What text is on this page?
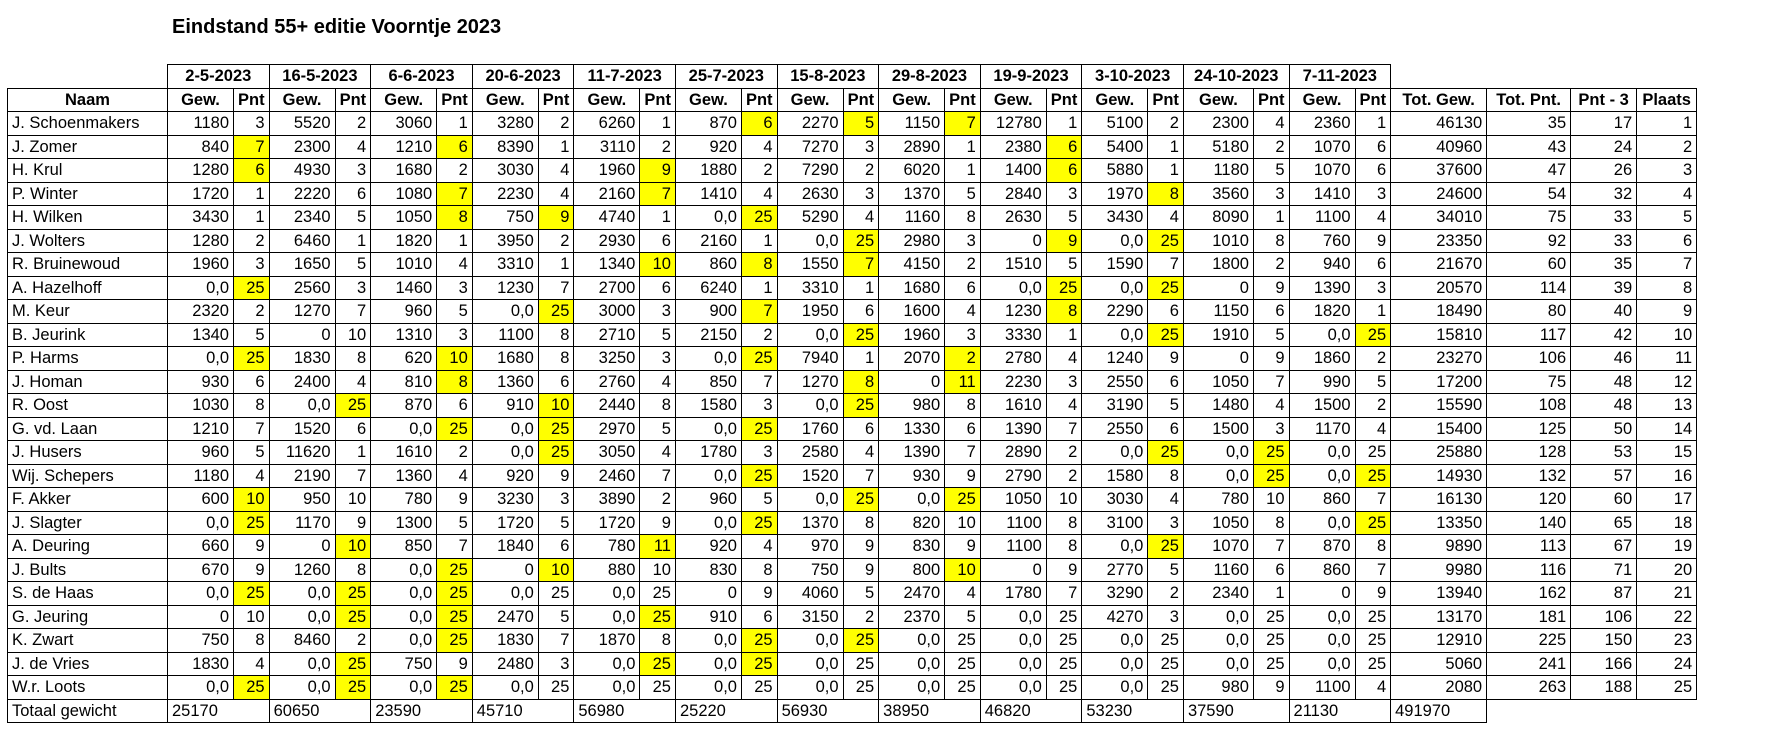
Eindstand 55+ editie Voorntje 2023
	2-5-2023		16-5-2023		6-6-2023		20-6-2023		11-7-2023		25-7-2023		15-8-2023		29-8-2023		19-9-2023		3-10-2023		24-10-2023		7-11-2023					
Naam	Gew.	Pnt	Gew.	Pnt	Gew.	Pnt	Gew.	Pnt	Gew.	Pnt	Gew.	Pnt	Gew.	Pnt	Gew.	Pnt	Gew.	Pnt	Gew.	Pnt	Gew.	Pnt	Gew.	Pnt	Tot. Gew.	Tot. Pnt.	Pnt - 3	Plaats
J. Schoenmakers	1180	3	5520	2	3060	1	3280	2	6260	1	870	6	2270	5	1150	7	12780	1	5100	2	2300	4	2360	1	46130	35	17	1
J. Zomer	840	7	2300	4	1210	6	8390	1	3110	2	920	4	7270	3	2890	1	2380	6	5400	1	5180	2	1070	6	40960	43	24	2
H. Krul	1280	6	4930	3	1680	2	3030	4	1960	9	1880	2	7290	2	6020	1	1400	6	5880	1	1180	5	1070	6	37600	47	26	3
P. Winter	1720	1	2220	6	1080	7	2230	4	2160	7	1410	4	2630	3	1370	5	2840	3	1970	8	3560	3	1410	3	24600	54	32	4
H. Wilken	3430	1	2340	5	1050	8	750	9	4740	1	0,0	25	5290	4	1160	8	2630	5	3430	4	8090	1	1100	4	34010	75	33	5
J. Wolters	1280	2	6460	1	1820	1	3950	2	2930	6	2160	1	0,0	25	2980	3	0	9	0,0	25	1010	8	760	9	23350	92	33	6
R. Bruinewoud	1960	3	1650	5	1010	4	3310	1	1340	10	860	8	1550	7	4150	2	1510	5	1590	7	1800	2	940	6	21670	60	35	7
A. Hazelhoff	0,0	25	2560	3	1460	3	1230	7	2700	6	6240	1	3310	1	1680	6	0,0	25	0,0	25	0	9	1390	3	20570	114	39	8
M. Keur	2320	2	1270	7	960	5	0,0	25	3000	3	900	7	1950	6	1600	4	1230	8	2290	6	1150	6	1820	1	18490	80	40	9
B. Jeurink	1340	5	0	10	1310	3	1100	8	2710	5	2150	2	0,0	25	1960	3	3330	1	0,0	25	1910	5	0,0	25	15810	117	42	10
P. Harms	0,0	25	1830	8	620	10	1680	8	3250	3	0,0	25	7940	1	2070	2	2780	4	1240	9	0	9	1860	2	23270	106	46	11
J. Homan	930	6	2400	4	810	8	1360	6	2760	4	850	7	1270	8	0	11	2230	3	2550	6	1050	7	990	5	17200	75	48	12
R. Oost	1030	8	0,0	25	870	6	910	10	2440	8	1580	3	0,0	25	980	8	1610	4	3190	5	1480	4	1500	2	15590	108	48	13
G. vd. Laan	1210	7	1520	6	0,0	25	0,0	25	2970	5	0,0	25	1760	6	1330	6	1390	7	2550	6	1500	3	1170	4	15400	125	50	14
J. Husers	960	5	11620	1	1610	2	0,0	25	3050	4	1780	3	2580	4	1390	7	2890	2	0,0	25	0,0	25	0,0	25	25880	128	53	15
Wij. Schepers	1180	4	2190	7	1360	4	920	9	2460	7	0,0	25	1520	7	930	9	2790	2	1580	8	0,0	25	0,0	25	14930	132	57	16
F. Akker	600	10	950	10	780	9	3230	3	3890	2	960	5	0,0	25	0,0	25	1050	10	3030	4	780	10	860	7	16130	120	60	17
J. Slagter	0,0	25	1170	9	1300	5	1720	5	1720	9	0,0	25	1370	8	820	10	1100	8	3100	3	1050	8	0,0	25	13350	140	65	18
A. Deuring	660	9	0	10	850	7	1840	6	780	11	920	4	970	9	830	9	1100	8	0,0	25	1070	7	870	8	9890	113	67	19
J. Bults	670	9	1260	8	0,0	25	0	10	880	10	830	8	750	9	800	10	0	9	2770	5	1160	6	860	7	9980	116	71	20
S. de Haas	0,0	25	0,0	25	0,0	25	0,0	25	0,0	25	0	9	4060	5	2470	4	1780	7	3290	2	2340	1	0	9	13940	162	87	21
G. Jeuring	0	10	0,0	25	0,0	25	2470	5	0,0	25	910	6	3150	2	2370	5	0,0	25	4270	3	0,0	25	0,0	25	13170	181	106	22
K. Zwart	750	8	8460	2	0,0	25	1830	7	1870	8	0,0	25	0,0	25	0,0	25	0,0	25	0,0	25	0,0	25	0,0	25	12910	225	150	23
J. de Vries	1830	4	0,0	25	750	9	2480	3	0,0	25	0,0	25	0,0	25	0,0	25	0,0	25	0,0	25	0,0	25	0,0	25	5060	241	166	24
W.r. Loots	0,0	25	0,0	25	0,0	25	0,0	25	0,0	25	0,0	25	0,0	25	0,0	25	0,0	25	0,0	25	980	9	1100	4	2080	263	188	25
Totaal gewicht	25170		60650		23590		45710		56980		25220		56930		38950		46820		53230		37590		21130		491970			
